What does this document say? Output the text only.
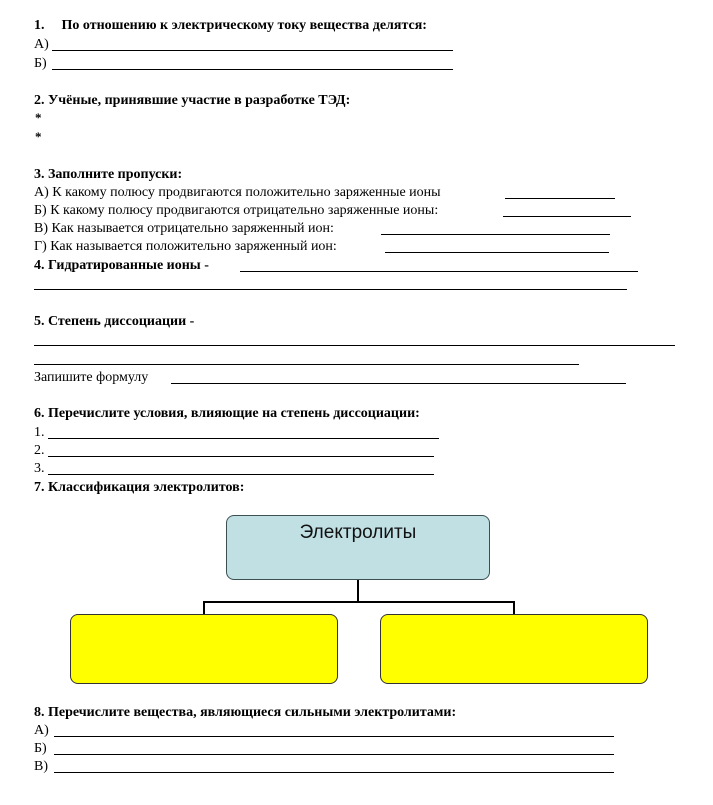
1. По отношению к электрическому току вещества делятся:
А)
Б)
2. Учёные, принявшие участие в разработке ТЭД:
*
*
3. Заполните пропуски:
А) К какому полюсу продвигаются положительно заряженные ионы
Б) К какому полюсу продвигаются отрицательно заряженные ионы:
В) Как называется отрицательно заряженный ион:
Г) Как называется положительно заряженный ион:
4. Гидратированные ионы -
5. Степень диссоциации -
Запишите формулу
6. Перечислите условия, влияющие на степень диссоциации:
1.
2.
3.
7. Классификация электролитов:
Электролиты
8. Перечислите вещества, являющиеся сильными электролитами:
А)
Б)
В)
